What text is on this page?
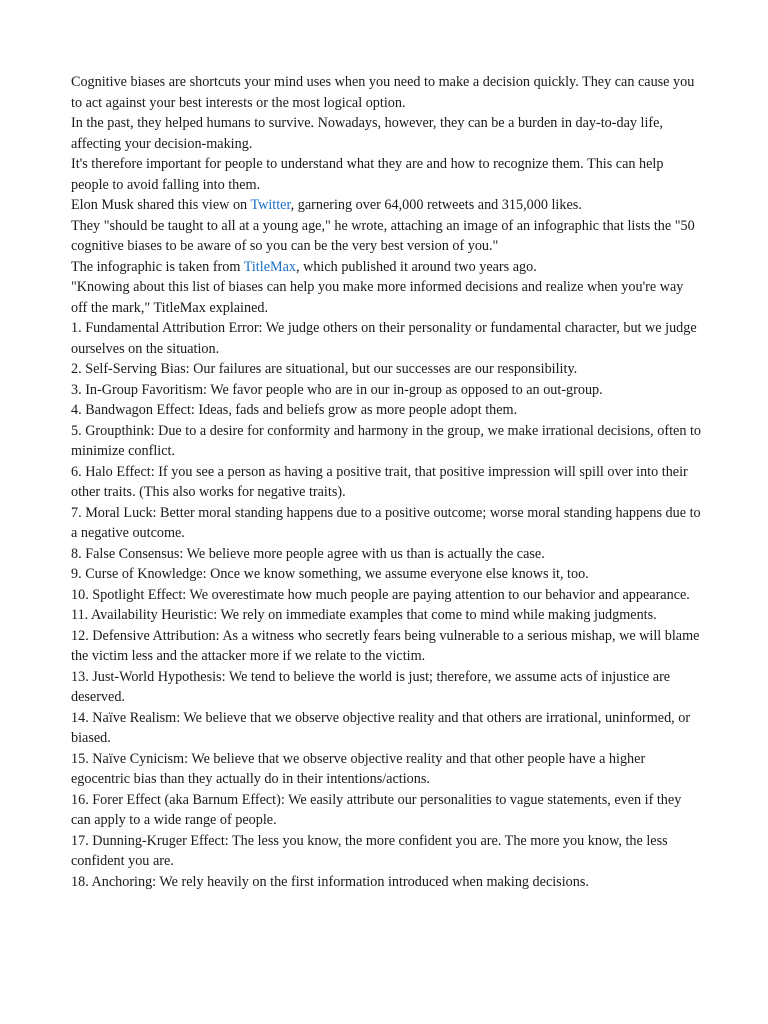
Cognitive biases are shortcuts your mind uses when you need to make a decision quickly. They can cause you to act against your best interests or the most logical option.

In the past, they helped humans to survive. Nowadays, however, they can be a burden in day-to-day life, affecting your decision-making.

It's therefore important for people to understand what they are and how to recognize them. This can help people to avoid falling into them.

Elon Musk shared this view on Twitter, garnering over 64,000 retweets and 315,000 likes.

They "should be taught to all at a young age," he wrote, attaching an image of an infographic that lists the "50 cognitive biases to be aware of so you can be the very best version of you."

The infographic is taken from TitleMax, which published it around two years ago.

"Knowing about this list of biases can help you make more informed decisions and realize when you're way off the mark," TitleMax explained.

1. Fundamental Attribution Error: We judge others on their personality or fundamental character, but we judge ourselves on the situation.

2. Self-Serving Bias: Our failures are situational, but our successes are our responsibility.

3. In-Group Favoritism: We favor people who are in our in-group as opposed to an out-group.

4. Bandwagon Effect: Ideas, fads and beliefs grow as more people adopt them.

5. Groupthink: Due to a desire for conformity and harmony in the group, we make irrational decisions, often to minimize conflict.

6. Halo Effect: If you see a person as having a positive trait, that positive impression will spill over into their other traits. (This also works for negative traits).

7. Moral Luck: Better moral standing happens due to a positive outcome; worse moral standing happens due to a negative outcome.

8. False Consensus: We believe more people agree with us than is actually the case.

9. Curse of Knowledge: Once we know something, we assume everyone else knows it, too.

10. Spotlight Effect: We overestimate how much people are paying attention to our behavior and appearance.

11. Availability Heuristic: We rely on immediate examples that come to mind while making judgments.

12. Defensive Attribution: As a witness who secretly fears being vulnerable to a serious mishap, we will blame the victim less and the attacker more if we relate to the victim.

13. Just-World Hypothesis: We tend to believe the world is just; therefore, we assume acts of injustice are deserved.

14. Naïve Realism: We believe that we observe objective reality and that others are irrational, uninformed, or biased.

15. Naïve Cynicism: We believe that we observe objective reality and that other people have a higher egocentric bias than they actually do in their intentions/actions.

16. Forer Effect (aka Barnum Effect): We easily attribute our personalities to vague statements, even if they can apply to a wide range of people.

17. Dunning-Kruger Effect: The less you know, the more confident you are. The more you know, the less confident you are.

18. Anchoring: We rely heavily on the first information introduced when making decisions.
